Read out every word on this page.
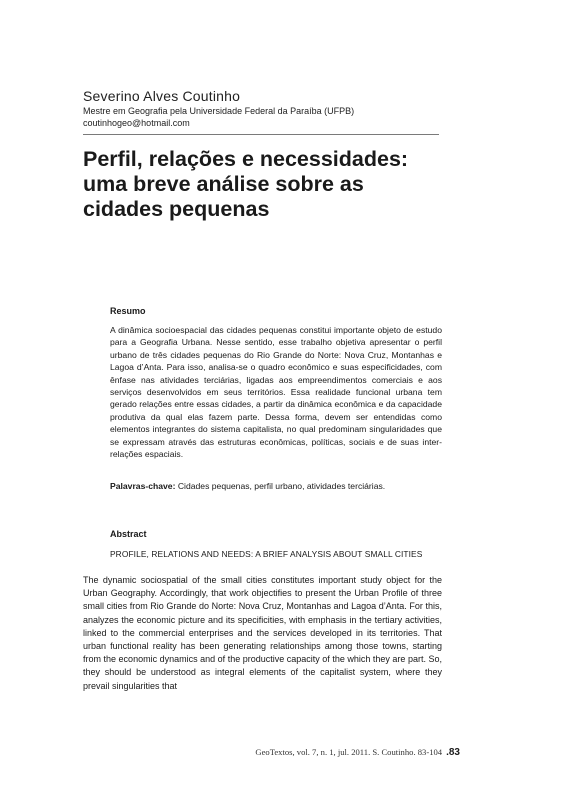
Severino Alves Coutinho
Mestre em Geografia pela Universidade Federal da Paraíba (UFPB)
coutinhogeo@hotmail.com
Perfil, relações e necessidades: uma breve análise sobre as cidades pequenas
Resumo

A dinâmica socioespacial das cidades pequenas constitui importante objeto de estudo para a Geografia Urbana. Nesse sentido, esse trabalho objetiva apresentar o perfil urbano de três cidades pequenas do Rio Grande do Norte: Nova Cruz, Montanhas e Lagoa d’Anta. Para isso, analisa-se o quadro econômico e suas especificidades, com ênfase nas atividades terciárias, ligadas aos empreendimentos comerciais e aos serviços desenvolvidos em seus territórios. Essa realidade funcional urbana tem gerado relações entre essas cidades, a partir da dinâmica econômica e da capacidade produtiva da qual elas fazem parte. Dessa forma, devem ser entendidas como elementos integrantes do sistema capitalista, no qual predominam singularidades que se expressam através das estruturas econômicas, políticas, sociais e de suas inter-relações espaciais.

Palavras-chave: Cidades pequenas, perfil urbano, atividades terciárias.

Abstract
PROFILE, RELATIONS AND NEEDS: A BRIEF ANALYSIS ABOUT SMALL CITIES

The dynamic sociospatial of the small cities constitutes important study object for the Urban Geography. Accordingly, that work objectifies to present the Urban Profile of three small cities from Rio Grande do Norte: Nova Cruz, Montanhas and Lagoa d’Anta. For this, analyzes the economic picture and its specificities, with emphasis in the tertiary activities, linked to the commercial enterprises and the services developed in its territories. That urban functional reality has been generating relationships among those towns, starting from the economic dynamics and of the productive capacity of the which they are part. So, they should be understood as integral elements of the capitalist system, where they prevail singularities that

GeoTextos, vol. 7, n. 1, jul. 2011. S. Coutinho. 83-104 .83
